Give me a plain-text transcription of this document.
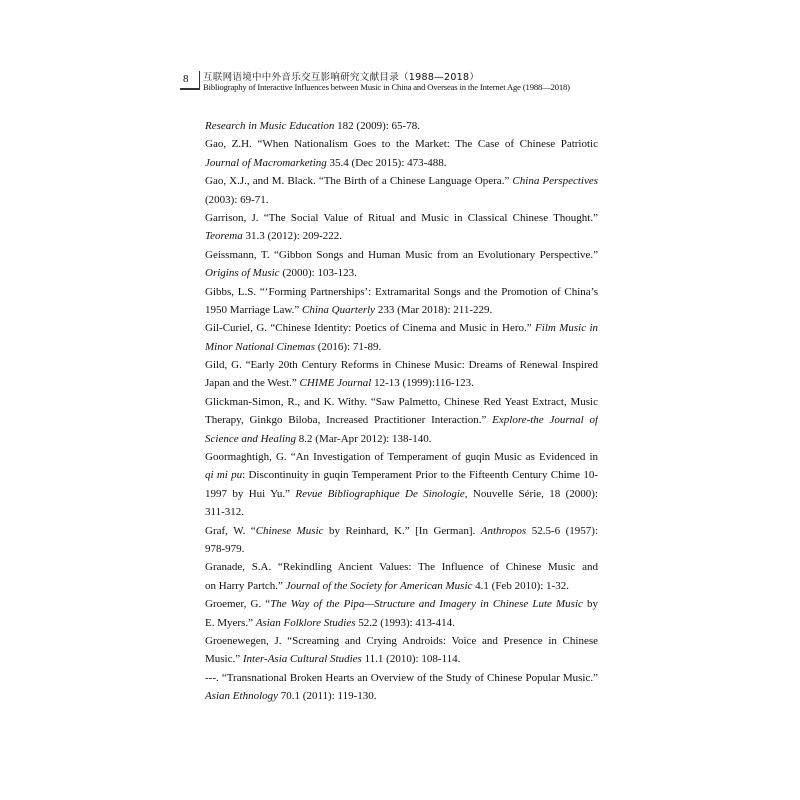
8 互联网语境中中外音乐交互影响研究文献目录（1988—2018）
Bibliography of Interactive Influences between Music in China and Overseas in the Internet Age (1988—2018)
Research in Music Education 182 (2009): 65-78.
Gao, Z.H. “When Nationalism Goes to the Market: The Case of Chinese Patriotic
Journal of Macromarketing 35.4 (Dec 2015): 473-488.
Gao, X.J., and M. Black. “The Birth of a Chinese Language Opera.” China Perspectives
(2003): 69-71.
Garrison, J. “The Social Value of Ritual and Music in Classical Chinese Thought.”
Teorema 31.3 (2012): 209-222.
Geissmann, T. “Gibbon Songs and Human Music from an Evolutionary Perspective.”
Origins of Music (2000): 103-123.
Gibbs, L.S. “‘Forming Partnerships’: Extramarital Songs and the Promotion of China’s
1950 Marriage Law.” China Quarterly 233 (Mar 2018): 211-229.
Gil-Curiel, G. “Chinese Identity: Poetics of Cinema and Music in Hero.” Film Music in
Minor National Cinemas (2016): 71-89.
Gild, G. “Early 20th Century Reforms in Chinese Music: Dreams of Renewal Inspired
Japan and the West.” CHIME Journal 12-13 (1999):116-123.
Glickman-Simon, R., and K. Withy. “Saw Palmetto, Chinese Red Yeast Extract, Music
Therapy, Ginkgo Biloba, Increased Practitioner Interaction.” Explore-the Journal of
Science and Healing 8.2 (Mar-Apr 2012): 138-140.
Goormaghtigh, G. “An Investigation of Temperament of guqin Music as Evidenced in
qi mi pu: Discontinuity in guqin Temperament Prior to the Fifteenth Century Chime 10-
1997 by Hui Yu.” Revue Bibliographique De Sinologie, Nouvelle Série, 18 (2000):
311-312.
Graf, W. “Chinese Music by Reinhard, K.” [In German]. Anthropos 52.5-6 (1957):
978-979.
Granade, S.A. “Rekindling Ancient Values: The Influence of Chinese Music and
on Harry Partch.” Journal of the Society for American Music 4.1 (Feb 2010): 1-32.
Groemer, G. “The Way of the Pipa—Structure and Imagery in Chinese Lute Music by
E. Myers.” Asian Folklore Studies 52.2 (1993): 413-414.
Groenewegen, J. “Screaming and Crying Androids: Voice and Presence in Chinese
Music.” Inter-Asia Cultural Studies 11.1 (2010): 108-114.
---. “Transnational Broken Hearts an Overview of the Study of Chinese Popular Music.”
Asian Ethnology 70.1 (2011): 119-130.
